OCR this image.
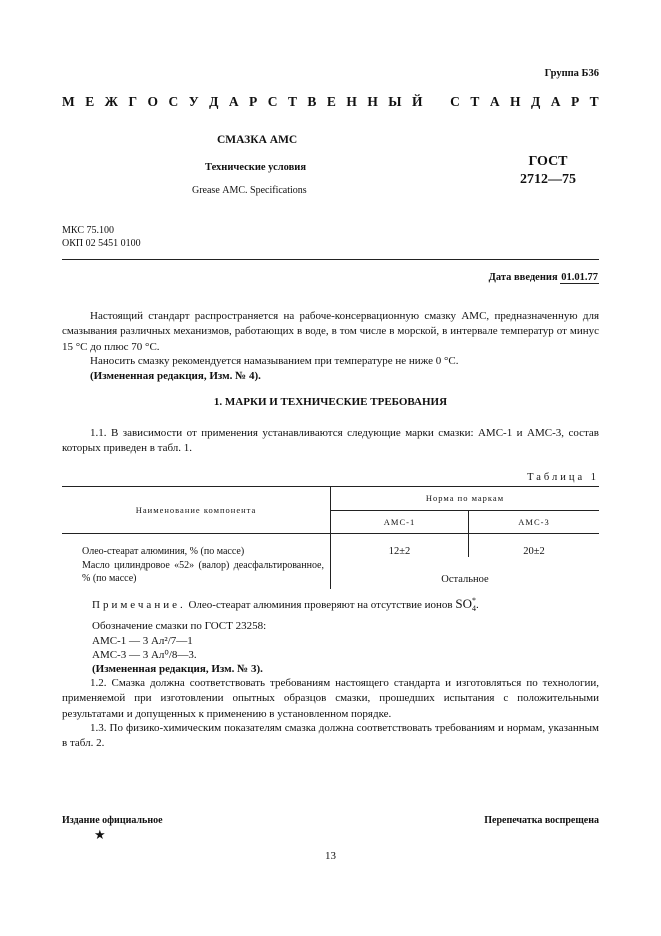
Группа Б36
М Е Ж Г О С У Д А Р С Т В Е Н Н Ы Й
С Т А Н Д А Р Т
СМАЗКА АМС
Технические условия
Grease АМС. Specifications
ГОСТ
2712—75
МКС 75.100
ОКП 02 5451 0100
Дата введения 01.01.77
Настоящий стандарт распространяется на рабоче-консервационную смазку АМС, предназначенную для смазывания различных механизмов, работающих в воде, в том числе в морской, в интервале температур от минус 15 °С до плюс 70 °С.
Наносить смазку рекомендуется намазыванием при температуре не ниже 0 °С.
(Измененная редакция, Изм. № 4).
1. МАРКИ И ТЕХНИЧЕСКИЕ ТРЕБОВАНИЯ
1.1. В зависимости от применения устанавливаются следующие марки смазки: АМС-1 и АМС-3, состав которых приведен в табл. 1.
Таблица 1
Наименование компонента	Норма по маркам	
	АМС-1	АМС-3
Олео-стеарат алюминия, % (по массе)	12±2	20±2
Масло цилиндровое «52» (валор) деасфальтированное, % (по массе)	Остальное	
Примечание. Олео-стеарат алюминия проверяют на отсутствие ионов SO *
4 .
Обозначение смазки по ГОСТ 23258:
АМС-1 — 3 Ал²/7—1
АМС-3 — 3 Ал⁰/8—3.
(Измененная редакция, Изм. № 3).
1.2. Смазка должна соответствовать требованиям настоящего стандарта и изготовляться по технологии, применяемой при изготовлении опытных образцов смазки, прошедших испытания с положительными результатами и допущенных к применению в установленном порядке.
1.3. По физико-химическим показателям смазка должна соответствовать требованиям и нормам, указанным в табл. 2.
Издание официальное	Перепечатка воспрещена
★
13
